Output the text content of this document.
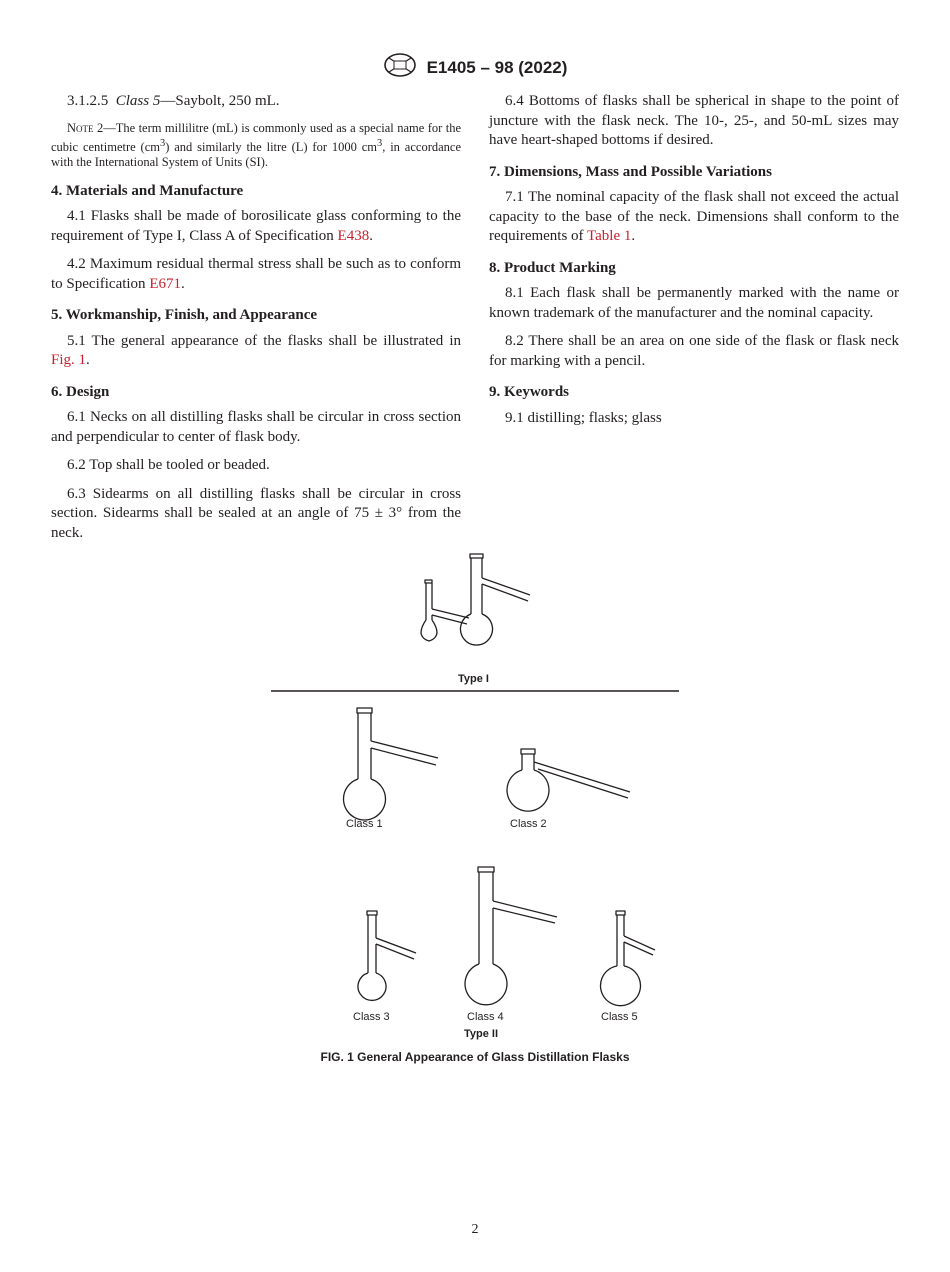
E1405 – 98 (2022)

3.1.2.5 Class 5—Saybolt, 250 mL.

Note 2—The term millilitre (mL) is commonly used as a special name for the cubic centimetre $(cm^3)$ and similarly the litre (L) for 1000 $cm^3$, in accordance with the International System of Units (SI).

4. Materials and Manufacture

4.1 Flasks shall be made of borosilicate glass conforming to the requirement of Type I, Class A of Specification E438.

4.2 Maximum residual thermal stress shall be such as to conform to Specification E671.

5. Workmanship, Finish, and Appearance

5.1 The general appearance of the flasks shall be illustrated in Fig. 1.

6. Design

6.1 Necks on all distilling flasks shall be circular in cross section and perpendicular to center of flask body.

6.2 Top shall be tooled or beaded.

6.3 Sidearms on all distilling flasks shall be circular in cross section. Sidearms shall be sealed at an angle of 75 ± 3° from the neck.

6.4 Bottoms of flasks shall be spherical in shape to the point of juncture with the flask neck. The 10-, 25-, and 50-mL sizes may have heart-shaped bottoms if desired.

7. Dimensions, Mass and Possible Variations

7.1 The nominal capacity of the flask shall not exceed the actual capacity to the base of the neck. Dimensions shall conform to the requirements of Table 1.

8. Product Marking

8.1 Each flask shall be permanently marked with the name or known trademark of the manufacturer and the nominal capacity.

8.2 There shall be an area on one side of the flask or flask neck for marking with a pencil.

9. Keywords

9.1 distilling; flasks; glass

Type I
Class 1	Class 2
Class 3	Class 4	Class 5
Type II
FIG. 1 General Appearance of Glass Distillation Flasks
2
